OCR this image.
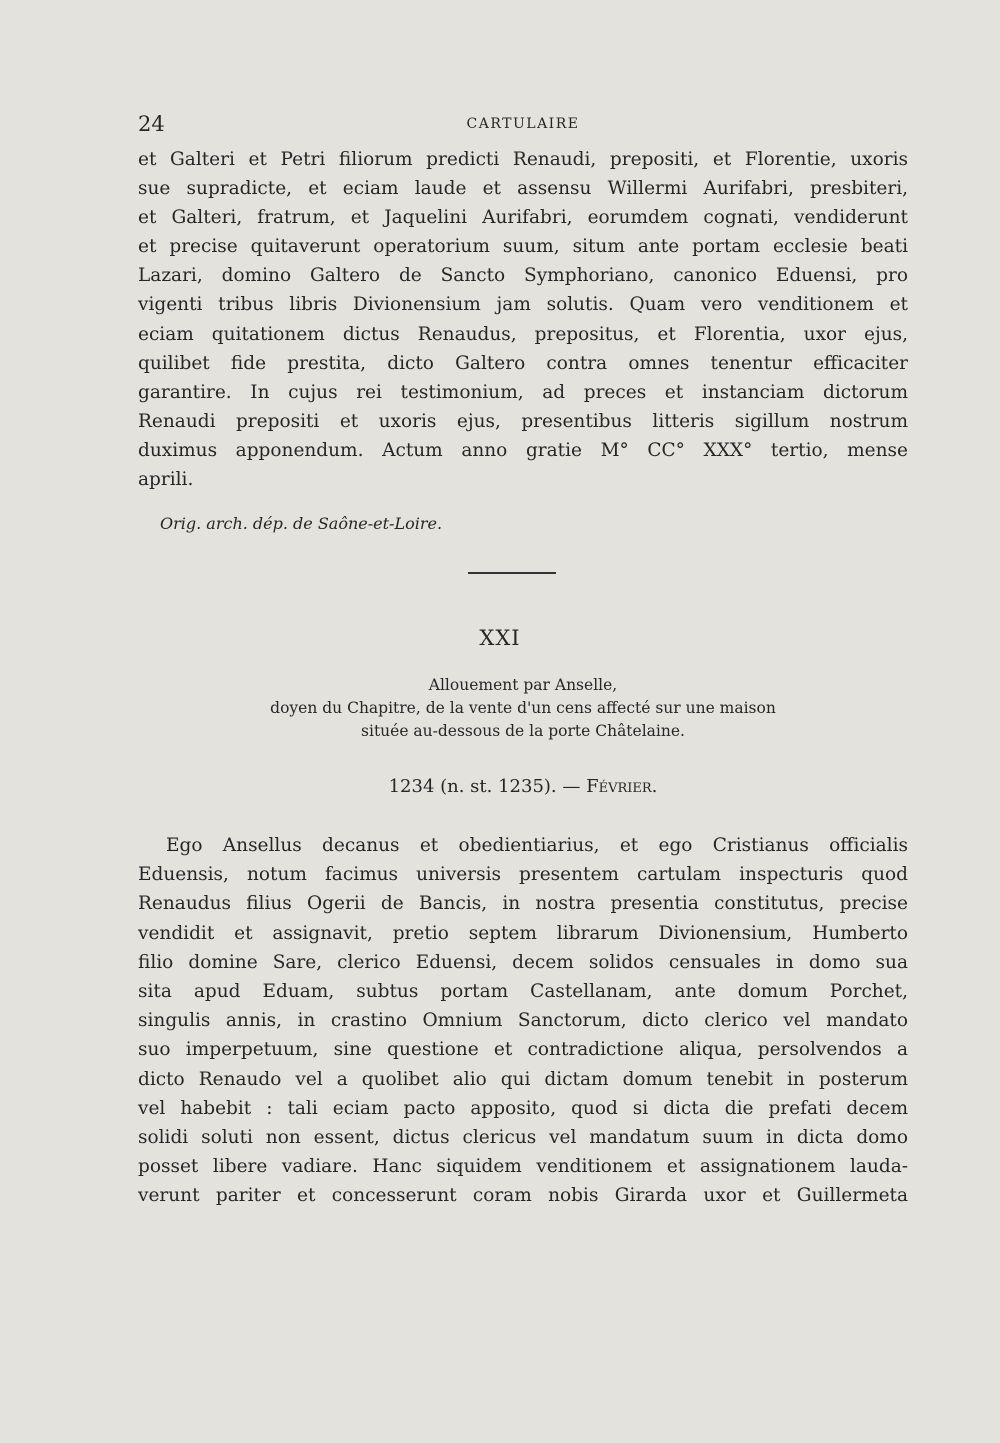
24	CARTULAIRE
et Galteri et Petri filiorum predicti Renaudi, prepositi, et Florentie, uxoris
sue supradicte, et eciam laude et assensu Willermi Aurifabri, presbiteri,
et Galteri, fratrum, et Jaquelini Aurifabri, eorumdem cognati, vendiderunt
et precise quitaverunt operatorium suum, situm ante portam ecclesie beati
Lazari, domino Galtero de Sancto Symphoriano, canonico Eduensi, pro
vigenti tribus libris Divionensium jam solutis. Quam vero venditionem et
eciam quitationem dictus Renaudus, prepositus, et Florentia, uxor ejus,
quilibet fide prestita, dicto Galtero contra omnes tenentur efficaciter
garantire. In cujus rei testimonium, ad preces et instanciam dictorum
Renaudi prepositi et uxoris ejus, presentibus litteris sigillum nostrum
duximus apponendum. Actum anno gratie M° CC° XXX° tertio, mense
aprili.
Orig. arch. dép. de Saône-et-Loire.
XXI
Allouement par Anselle,
doyen du Chapitre, de la vente d'un cens affecté sur une maison
située au-dessous de la porte Châtelaine.
1234 (n. st. 1235). — Février.
Ego Ansellus decanus et obedientiarius, et ego Cristianus officialis
Eduensis, notum facimus universis presentem cartulam inspecturis quod
Renaudus filius Ogerii de Bancis, in nostra presentia constitutus, precise
vendidit et assignavit, pretio septem librarum Divionensium, Humberto
filio domine Sare, clerico Eduensi, decem solidos censuales in domo sua
sita apud Eduam, subtus portam Castellanam, ante domum Porchet,
singulis annis, in crastino Omnium Sanctorum, dicto clerico vel mandato
suo imperpetuum, sine questione et contradictione aliqua, persolvendos a
dicto Renaudo vel a quolibet alio qui dictam domum tenebit in posterum
vel habebit : tali eciam pacto apposito, quod si dicta die prefati decem
solidi soluti non essent, dictus clericus vel mandatum suum in dicta domo
posset libere vadiare. Hanc siquidem venditionem et assignationem lauda-
verunt pariter et concesserunt coram nobis Girarda uxor et Guillermeta
